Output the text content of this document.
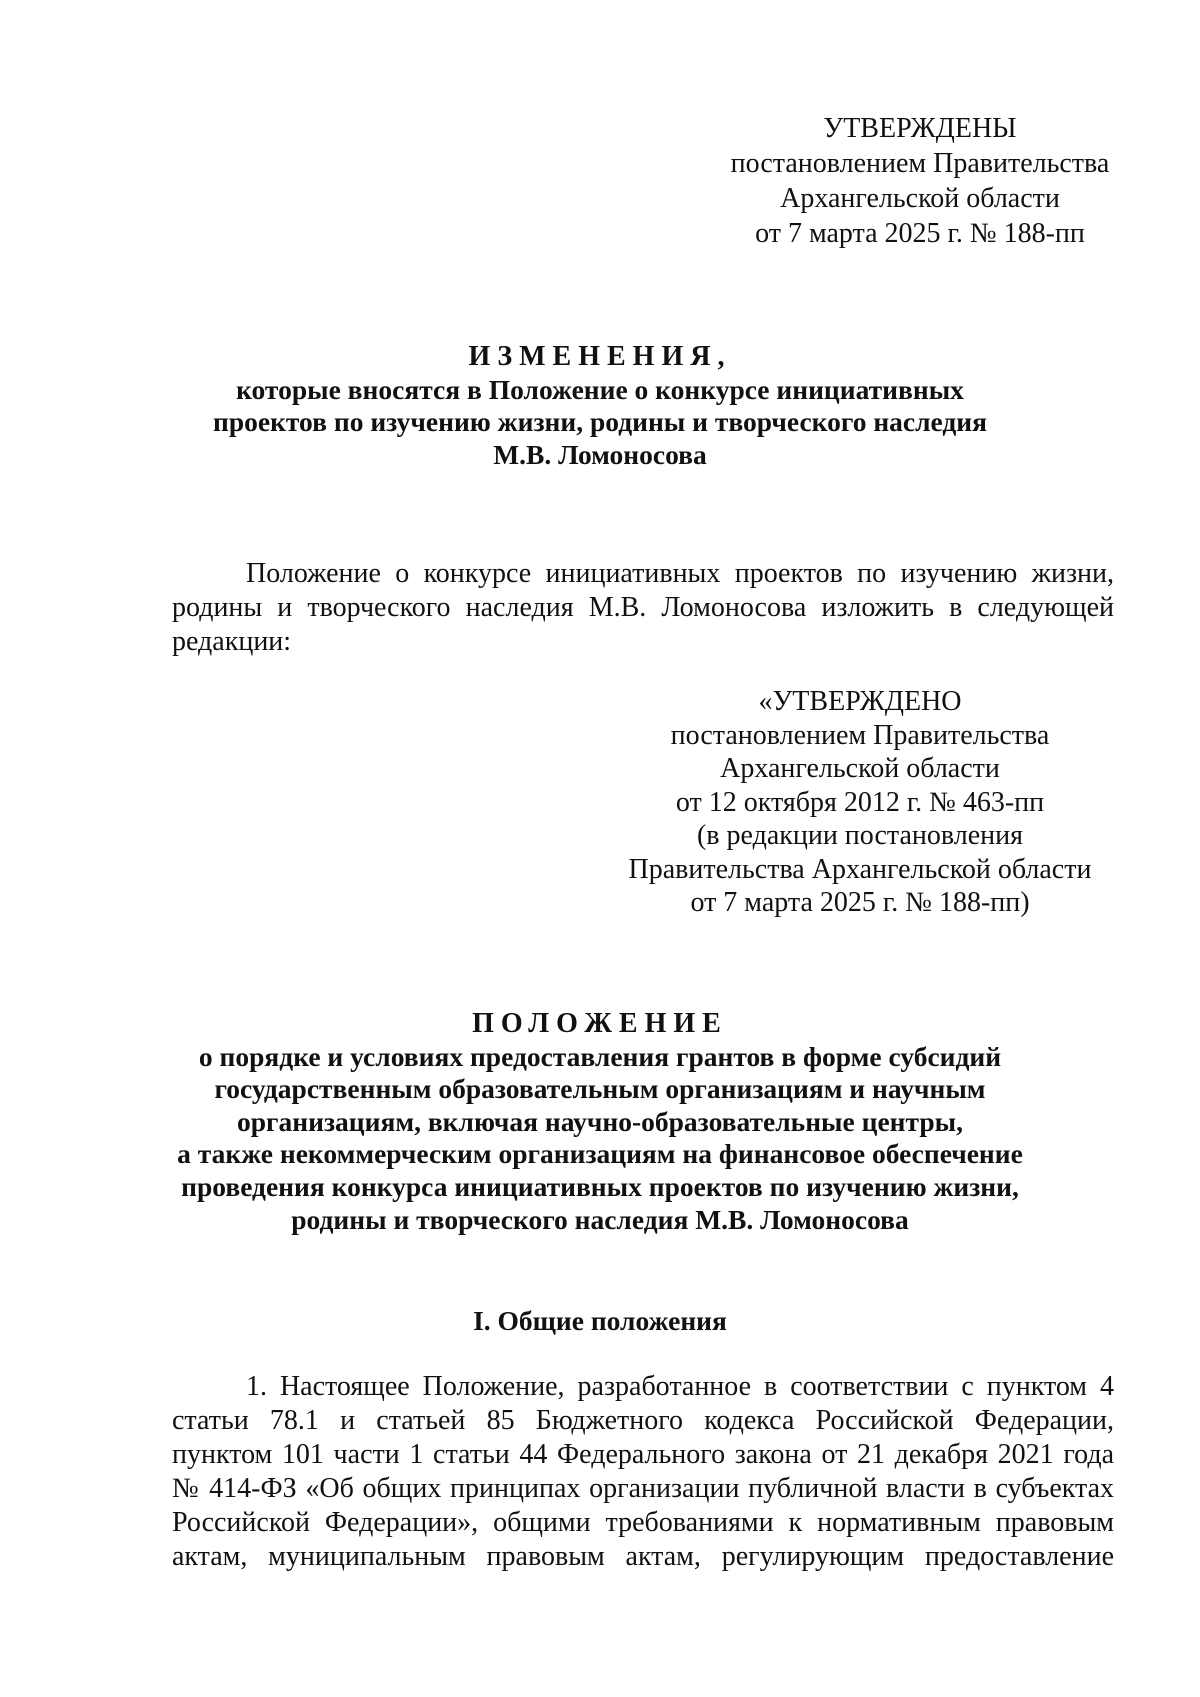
УТВЕРЖДЕНЫ
постановлением Правительства
Архангельской области
от 7 марта 2025 г. № 188-пп
ИЗМЕНЕНИЯ,
которые вносятся в Положение о конкурсе инициативных
проектов по изучению жизни, родины и творческого наследия
М.В. Ломоносова
Положение о конкурсе инициативных проектов по изучению жизни,
родины и творческого наследия М.В. Ломоносова изложить в следующей
редакции:
«УТВЕРЖДЕНО
постановлением Правительства
Архангельской области
от 12 октября 2012 г. № 463-пп
(в редакции постановления
Правительства Архангельской области
от 7 марта 2025 г. № 188-пп)
ПОЛОЖЕНИЕ
о порядке и условиях предоставления грантов в форме субсидий
государственным образовательным организациям и научным
организациям, включая научно-образовательные центры,
а также некоммерческим организациям на финансовое обеспечение
проведения конкурса инициативных проектов по изучению жизни,
родины и творческого наследия М.В. Ломоносова
I. Общие положения
1. Настоящее Положение, разработанное в соответствии с пунктом 4
статьи 78.1 и статьей 85 Бюджетного кодекса Российской Федерации,
пунктом 101 части 1 статьи 44 Федерального закона от 21 декабря 2021 года
№ 414-ФЗ «Об общих принципах организации публичной власти в субъектах
Российской Федерации», общими требованиями к нормативным правовым
актам, муниципальным правовым актам, регулирующим предоставление
